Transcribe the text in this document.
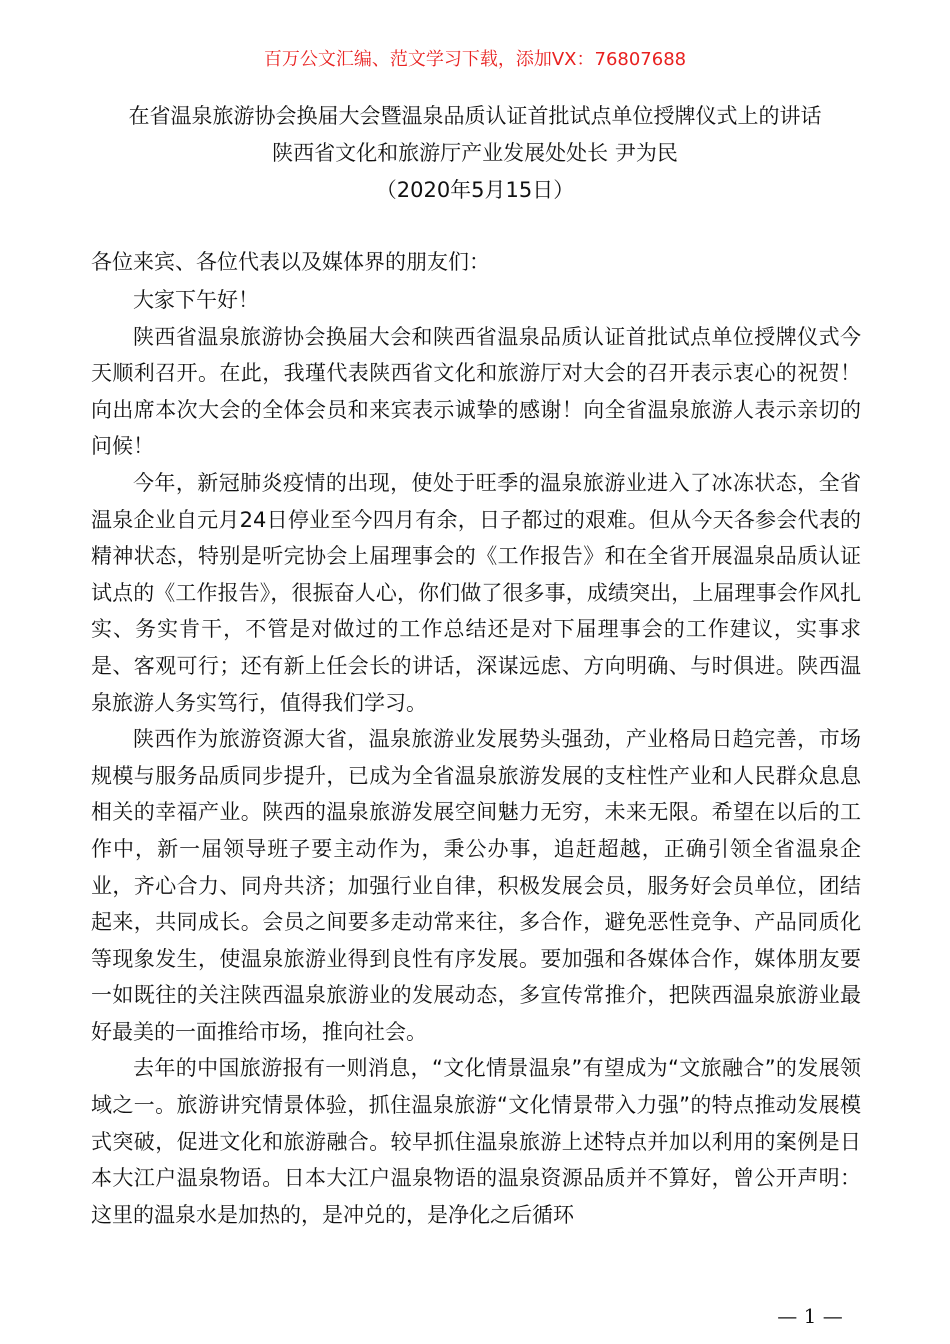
百万公文汇编、范文学习下载，添加VX：76807688
在省温泉旅游协会换届大会暨温泉品质认证首批试点单位授牌仪式上的讲话
陕西省文化和旅游厅产业发展处处长 尹为民
（2020年5月15日）
各位来宾、各位代表以及媒体界的朋友们：

大家下午好！

陕西省温泉旅游协会换届大会和陕西省温泉品质认证首批试点单位授牌仪式今天顺利召开。在此，我瑾代表陕西省文化和旅游厅对大会的召开表示衷心的祝贺！向出席本次大会的全体会员和来宾表示诚挚的感谢！向全省温泉旅游人表示亲切的问候！

今年，新冠肺炎疫情的出现，使处于旺季的温泉旅游业进入了冰冻状态，全省温泉企业自元月24日停业至今四月有余，日子都过的艰难。但从今天各参会代表的精神状态，特别是听完协会上届理事会的《工作报告》和在全省开展温泉品质认证试点的《工作报告》，很振奋人心，你们做了很多事，成绩突出，上届理事会作风扎实、务实肯干，不管是对做过的工作总结还是对下届理事会的工作建议，实事求是、客观可行；还有新上任会长的讲话，深谋远虑、方向明确、与时俱进。陕西温泉旅游人务实笃行，值得我们学习。

陕西作为旅游资源大省，温泉旅游业发展势头强劲，产业格局日趋完善，市场规模与服务品质同步提升，已成为全省温泉旅游发展的支柱性产业和人民群众息息相关的幸福产业。陕西的温泉旅游发展空间魅力无穷，未来无限。希望在以后的工作中，新一届领导班子要主动作为，秉公办事，追赶超越，正确引领全省温泉企业，齐心合力、同舟共济；加强行业自律，积极发展会员，服务好会员单位，团结起来，共同成长。会员之间要多走动常来往，多合作，避免恶性竞争、产品同质化等现象发生，使温泉旅游业得到良性有序发展。要加强和各媒体合作，媒体朋友要一如既往的关注陕西温泉旅游业的发展动态，多宣传常推介，把陕西温泉旅游业最好最美的一面推给市场，推向社会。

去年的中国旅游报有一则消息，“文化情景温泉”有望成为“文旅融合”的发展领域之一。旅游讲究情景体验，抓住温泉旅游“文化情景带入力强”的特点推动发展模式突破，促进文化和旅游融合。较早抓住温泉旅游上述特点并加以利用的案例是日本大江户温泉物语。日本大江户温泉物语的温泉资源品质并不算好，曾公开声明：这里的温泉水是加热的，是冲兑的，是净化之后循环

— 1 —
